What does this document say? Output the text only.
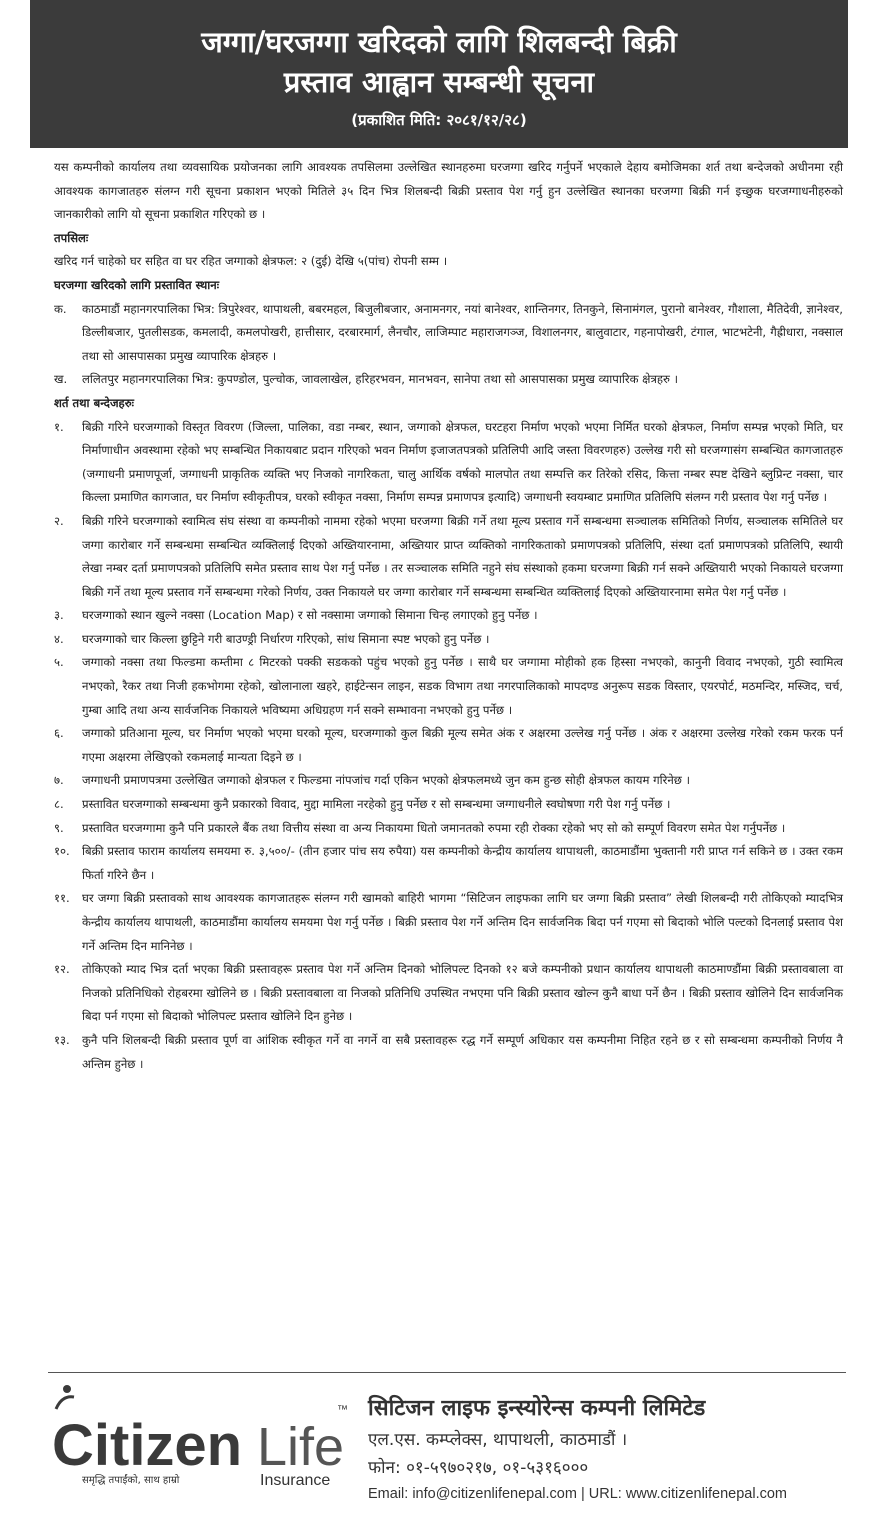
जग्गा/घरजग्गा खरिदको लागि शिलबन्दी बिक्री
प्रस्ताव आह्वान सम्बन्धी सूचना
(प्रकाशित मिति: २०८१/१२/२८)
यस कम्पनीको कार्यालय तथा व्यवसायिक प्रयोजनका लागि आवश्यक तपसिलमा उल्लेखित स्थानहरुमा घरजग्गा खरिद गर्नुपर्ने भएकाले देहाय बमोजिमका शर्त तथा बन्देजको अधीनमा रही आवश्यक कागजातहरु संलग्न गरी सूचना प्रकाशन भएको मितिले ३५ दिन भित्र शिलबन्दी बिक्री प्रस्ताव पेश गर्नु हुन उल्लेखित स्थानका घरजग्गा बिक्री गर्न इच्छुक घरजग्गाधनीहरुको जानकारीको लागि यो सूचना प्रकाशित गरिएको छ ।
तपसिलः
खरिद गर्न चाहेको घर सहित वा घर रहित जग्गाको क्षेत्रफल: २ (दुई) देखि ५(पांच) रोपनी सम्म ।
घरजग्गा खरिदको लागि प्रस्तावित स्थानः
क.	काठमाडौं महानगरपालिका भित्र: त्रिपुरेश्वर, थापाथली, बबरमहल, बिजुलीबजार, अनामनगर, नयां बानेश्वर, शान्तिनगर, तिनकुने, सिनामंगल, पुरानो बानेश्वर, गौशाला, मैतिदेवी, ज्ञानेश्वर, डिल्लीबजार, पुतलीसडक, कमलादी, कमलपोखरी, हात्तीसार, दरबारमार्ग, लैनचौर, लाजिम्पाट महाराजगञ्ज, विशालनगर, बालुवाटार, गहनापोखरी, टंगाल, भाटभटेनी, गैह्रीधारा, नक्साल तथा सो आसपासका प्रमुख व्यापारिक क्षेत्रहरु ।
ख.	ललितपुर महानगरपालिका भित्र: कुपण्डोल, पुल्चोक, जावलाखेल, हरिहरभवन, मानभवन, सानेपा तथा सो आसपासका प्रमुख व्यापारिक क्षेत्रहरु ।
शर्त तथा बन्देजहरुः
१.	बिक्री गरिने घरजग्गाको विस्तृत विवरण (जिल्ला, पालिका, वडा नम्बर, स्थान, जग्गाको क्षेत्रफल, घरटहरा निर्माण भएको भएमा निर्मित घरको क्षेत्रफल, निर्माण सम्पन्न भएको मिति, घर निर्माणाधीन अवस्थामा रहेको भए सम्बन्धित निकायबाट प्रदान गरिएको भवन निर्माण इजाजतपत्रको प्रतिलिपी आदि जस्ता विवरणहरु) उल्लेख गरी सो घरजग्गासंग सम्बन्धित कागजातहरु (जग्गाधनी प्रमाणपूर्जा, जग्गाधनी प्राकृतिक व्यक्ति भए निजको नागरिकता, चालु आर्थिक वर्षको मालपोत तथा सम्पत्ति कर तिरेको रसिद, कित्ता नम्बर स्पष्ट देखिने ब्लुप्रिन्ट नक्सा, चार किल्ला प्रमाणित कागजात, घर निर्माण स्वीकृतीपत्र, घरको स्वीकृत नक्सा, निर्माण सम्पन्न प्रमाणपत्र इत्यादि) जग्गाधनी स्वयम्बाट प्रमाणित प्रतिलिपि संलग्न गरी प्रस्ताव पेश गर्नु पर्नेछ ।
२.	बिक्री गरिने घरजग्गाको स्वामित्व संघ संस्था वा कम्पनीको नाममा रहेको भएमा घरजग्गा बिक्री गर्ने तथा मूल्य प्रस्ताव गर्ने सम्बन्धमा सञ्चालक समितिको निर्णय, सञ्चालक समितिले घर जग्गा कारोबार गर्ने सम्बन्धमा सम्बन्धित व्यक्तिलाई दिएको अख्तियारनामा, अख्तियार प्राप्त व्यक्तिको नागरिकताको प्रमाणपत्रको प्रतिलिपि, संस्था दर्ता प्रमाणपत्रको प्रतिलिपि, स्थायी लेखा नम्बर दर्ता प्रमाणपत्रको प्रतिलिपि समेत प्रस्ताव साथ पेश गर्नु पर्नेछ । तर सञ्चालक समिति नहुने संघ संस्थाको हकमा घरजग्गा बिक्री गर्न सक्ने अख्तियारी भएको निकायले घरजग्गा बिक्री गर्ने तथा मूल्य प्रस्ताव गर्ने सम्बन्धमा गरेको निर्णय, उक्त निकायले घर जग्गा कारोबार गर्ने सम्बन्धमा सम्बन्धित व्यक्तिलाई दिएको अख्तियारनामा समेत पेश गर्नु पर्नेछ ।
३.	घरजग्गाको स्थान खुल्ने नक्सा (Location Map) र सो नक्सामा जग्गाको सिमाना चिन्ह लगाएको हुनु पर्नेछ ।
४.	घरजग्गाको चार किल्ला छुट्टिने गरी बाउण्ड्री निर्धारण गरिएको, सांध सिमाना स्पष्ट भएको हुनु पर्नेछ ।
५.	जग्गाको नक्सा तथा फिल्डमा कम्तीमा ८ मिटरको पक्की सडकको पहुंच भएको हुनु पर्नेछ । साथै घर जग्गामा मोहीको हक हिस्सा नभएको, कानुनी विवाद नभएको, गुठी स्वामित्व नभएको, रैकर तथा निजी हकभोगमा रहेको, खोलानाला खहरे, हाईटेन्सन लाइन, सडक विभाग तथा नगरपालिकाको मापदण्ड अनुरूप सडक विस्तार, एयरपोर्ट, मठमन्दिर, मस्जिद, चर्च, गुम्बा आदि तथा अन्य सार्वजनिक निकायले भविष्यमा अधिग्रहण गर्न सक्ने सम्भावना नभएको हुनु पर्नेछ ।
६.	जग्गाको प्रतिआना मूल्य, घर निर्माण भएको भएमा घरको मूल्य, घरजग्गाको कुल बिक्री मूल्य समेत अंक र अक्षरमा उल्लेख गर्नु पर्नेछ । अंक र अक्षरमा उल्लेख गरेको रकम फरक पर्न गएमा अक्षरमा लेखिएको रकमलाई मान्यता दिइने छ ।
७.	जग्गाधनी प्रमाणपत्रमा उल्लेखित जग्गाको क्षेत्रफल र फिल्डमा नांपजांच गर्दा एकिन भएको क्षेत्रफलमध्ये जुन कम हुन्छ सोही क्षेत्रफल कायम गरिनेछ ।
८.	प्रस्तावित घरजग्गाको सम्बन्धमा कुनै प्रकारको विवाद, मुद्दा मामिला नरहेको हुनु पर्नेछ र सो सम्बन्धमा जग्गाधनीले स्वघोषणा गरी पेश गर्नु पर्नेछ ।
९.	प्रस्तावित घरजग्गामा कुनै पनि प्रकारले बैंक तथा वित्तीय संस्था वा अन्य निकायमा धितो जमानतको रुपमा रही रोक्का रहेको भए सो को सम्पूर्ण विवरण समेत पेश गर्नुपर्नेछ ।
१०.	बिक्री प्रस्ताव फाराम कार्यालय समयमा रु. ३,५००/- (तीन हजार पांच सय रुपैया) यस कम्पनीको केन्द्रीय कार्यालय थापाथली, काठमाडौंमा भुक्तानी गरी प्राप्त गर्न सकिने छ । उक्त रकम फिर्ता गरिने छैन ।
११.	घर जग्गा बिक्री प्रस्तावको साथ आवश्यक कागजातहरू संलग्न गरी खामको बाहिरी भागमा “सिटिजन लाइफका लागि घर जग्गा बिक्री प्रस्ताव” लेखी शिलबन्दी गरी तोकिएको म्यादभित्र केन्द्रीय कार्यालय थापाथली, काठमाडौंमा कार्यालय समयमा पेश गर्नु पर्नेछ । बिक्री प्रस्ताव पेश गर्ने अन्तिम दिन सार्वजनिक बिदा पर्न गएमा सो बिदाको भोलि पल्टको दिनलाई प्रस्ताव पेश गर्ने अन्तिम दिन मानिनेछ ।
१२.	तोकिएको म्याद भित्र दर्ता भएका बिक्री प्रस्तावहरू प्रस्ताव पेश गर्ने अन्तिम दिनको भोलिपल्ट दिनको १२ बजे कम्पनीको प्रधान कार्यालय थापाथली काठमाण्डौंमा बिक्री प्रस्तावबाला वा निजको प्रतिनिधिको रोहबरमा खोलिने छ । बिक्री प्रस्तावबाला वा निजको प्रतिनिधि उपस्थित नभएमा पनि बिक्री प्रस्ताव खोल्न कुनै बाधा पर्ने छैन । बिक्री प्रस्ताव खोलिने दिन सार्वजनिक बिदा पर्न गएमा सो बिदाको भोलिपल्ट प्रस्ताव खोलिने दिन हुनेछ ।
१३.	कुनै पनि शिलबन्दी बिक्री प्रस्ताव पूर्ण वा आंशिक स्वीकृत गर्ने वा नगर्ने वा सबै प्रस्तावहरू रद्ध गर्ने सम्पूर्ण अधिकार यस कम्पनीमा निहित रहने छ र सो सम्बन्धमा कम्पनीको निर्णय नै अन्तिम हुनेछ ।
Citizen Life
™
समृद्धि तपाईंको, साथ हाम्रो	Insurance
सिटिजन लाइफ इन्स्योरेन्स कम्पनी लिमिटेड
एल.एस. कम्प्लेक्स, थापाथली, काठमाडौं ।
फोन: ०१-५९७०२१७, ०१-५३१६०००
Email: info@citizenlifenepal.com | URL: www.citizenlifenepal.com
